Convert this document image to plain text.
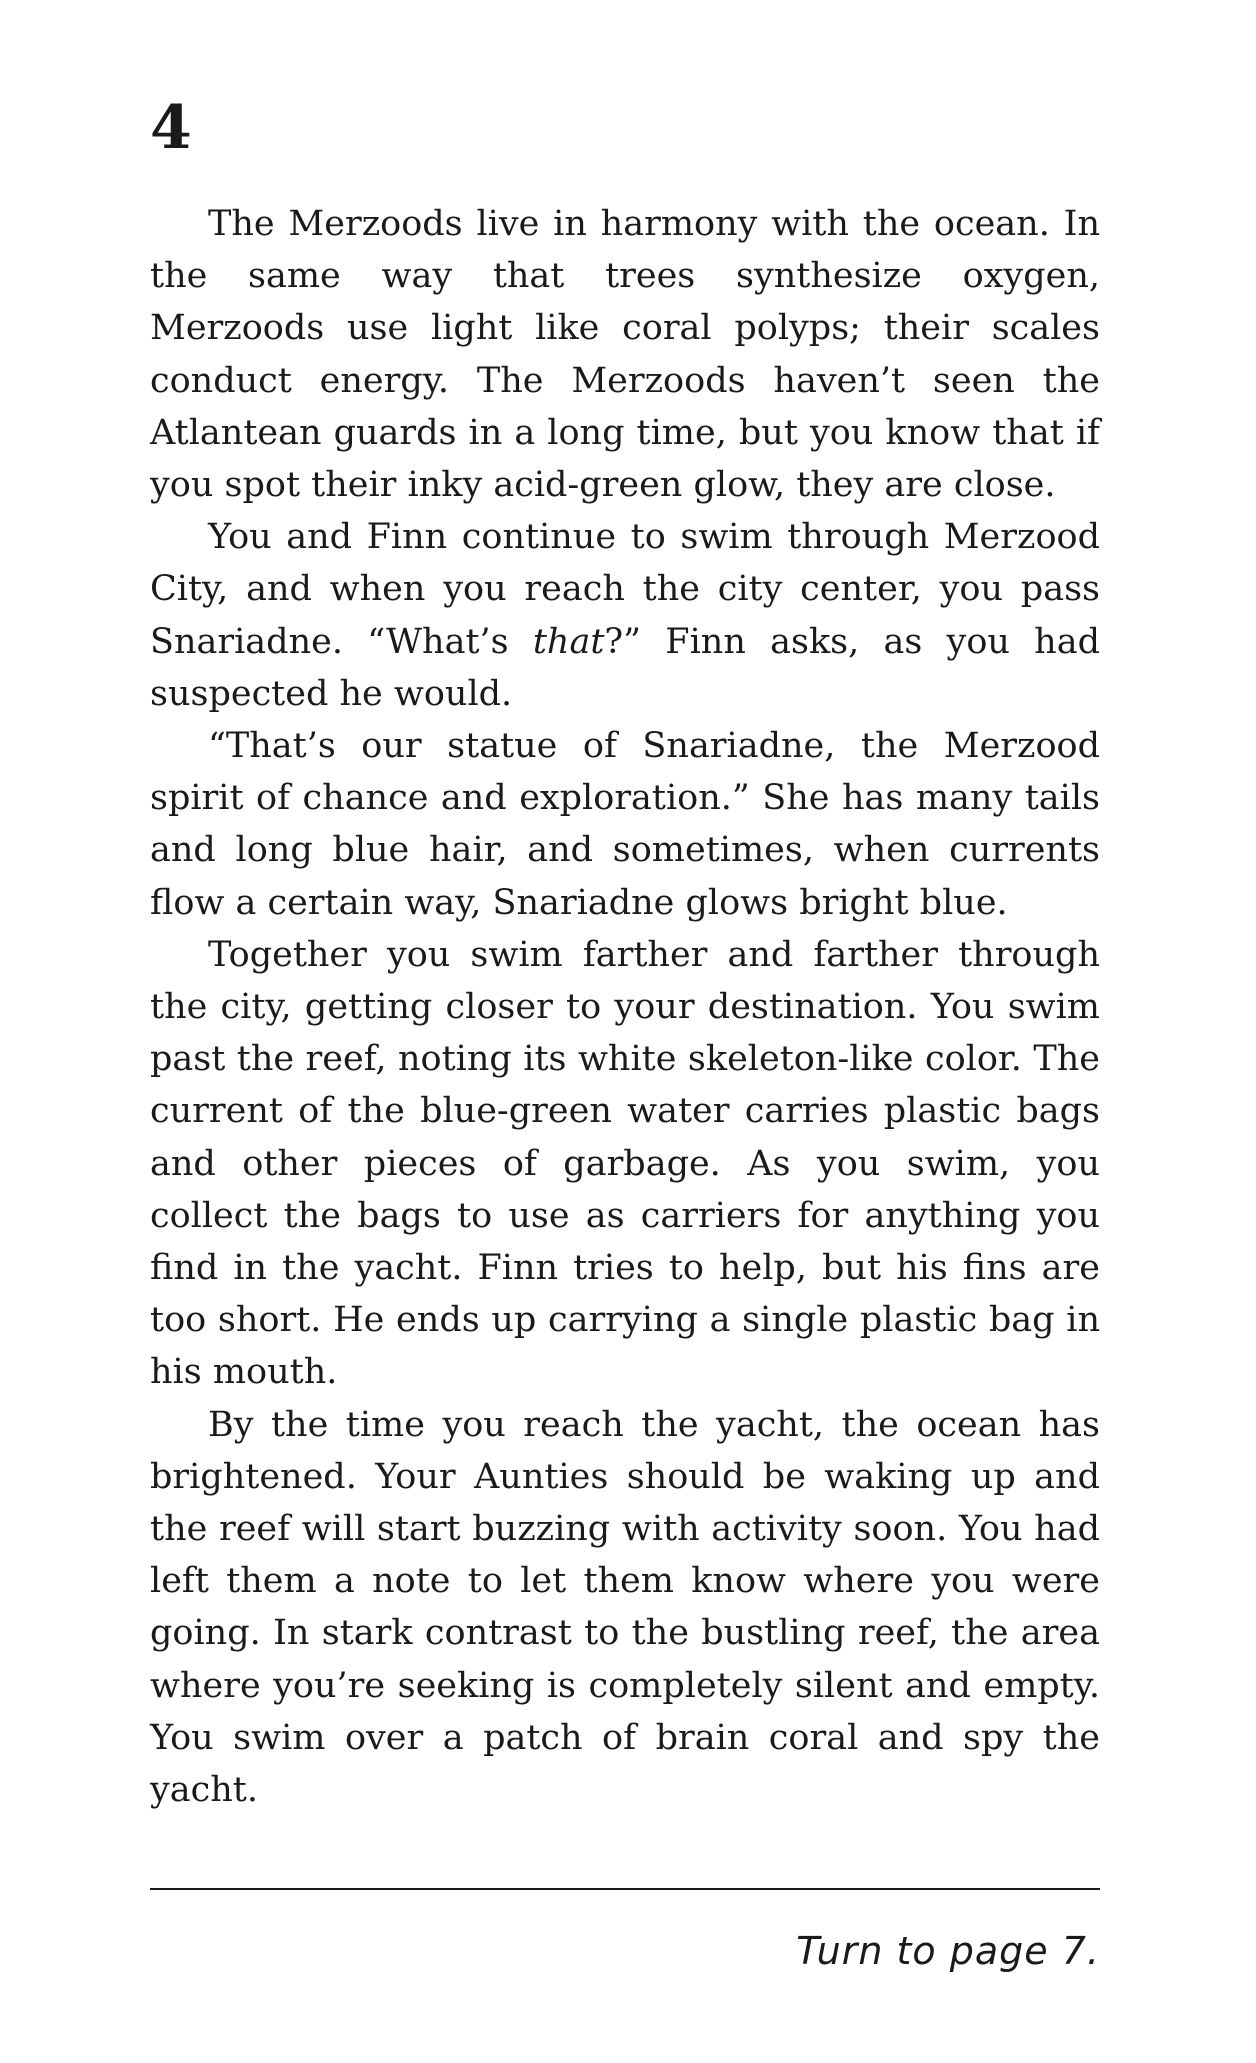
4

The Merzoods live in harmony with the ocean. In the same way that trees synthesize oxygen, Merzoods use light like coral polyps; their scales conduct energy. The Merzoods haven’t seen the Atlantean guards in a long time, but you know that if you spot their inky acid-green glow, they are close.

You and Finn continue to swim through Merzood City, and when you reach the city center, you pass Snariadne. “What’s that?” Finn asks, as you had suspected he would.

“That’s our statue of Snariadne, the Merzood spirit of chance and exploration.” She has many tails and long blue hair, and sometimes, when currents flow a certain way, Snariadne glows bright blue.

Together you swim farther and farther through the city, getting closer to your destination. You swim past the reef, noting its white skeleton-like color. The current of the blue-green water carries plastic bags and other pieces of garbage. As you swim, you collect the bags to use as carriers for anything you find in the yacht. Finn tries to help, but his fins are too short. He ends up carrying a single plastic bag in his mouth.

By the time you reach the yacht, the ocean has brightened. Your Aunties should be waking up and the reef will start buzzing with activity soon. You had left them a note to let them know where you were going. In stark contrast to the bustling reef, the area where you’re seeking is completely silent and empty. You swim over a patch of brain coral and spy the yacht.

Turn to page 7.
